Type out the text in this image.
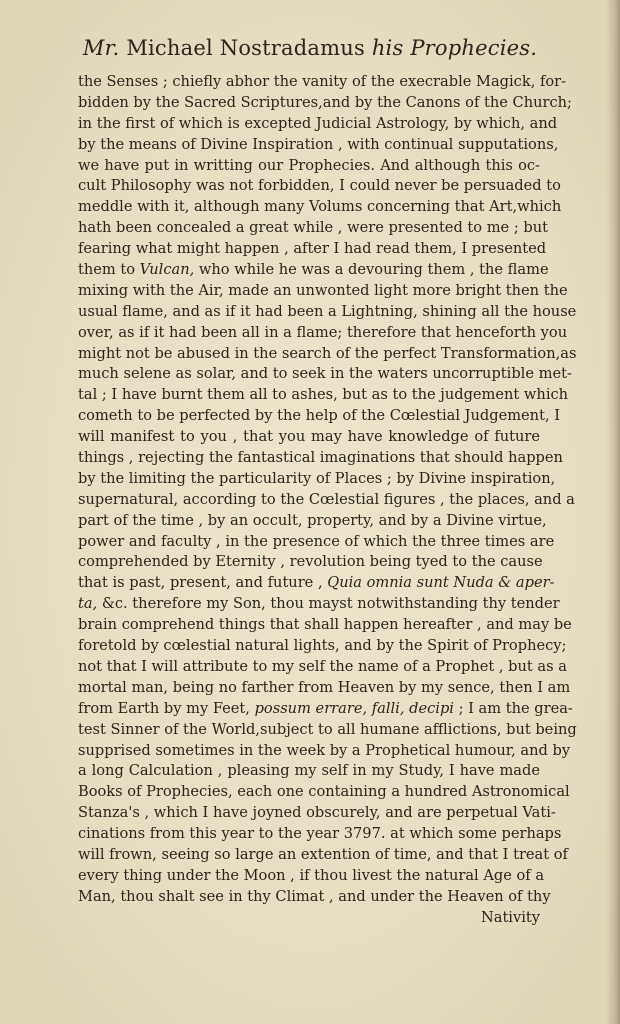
Mr. Michael Nostradamus his Prophecies.
the Senses ; chiefly abhor the vanity of the execrable Magick, for-
bidden by the Sacred Scriptures,and by the Canons of the Church;
in the first of which is excepted Judicial Astrology, by which, and
by the means of Divine Inspiration , with continual supputations,
we have put in writting our Prophecies. And although this oc-
cult Philosophy was not forbidden, I could never be persuaded to
meddle with it, although many Volums concerning that Art,which
hath been concealed a great while , were presented to me ; but
fearing what might happen , after I had read them, I presented
them to Vulcan, who while he was a devouring them , the flame
mixing with the Air, made an unwonted light more bright then the
usual flame, and as if it had been a Lightning, shining all the house
over, as if it had been all in a flame; therefore that henceforth you
might not be abused in the search of the perfect Transformation,as
much selene as solar, and to seek in the waters uncorruptible met-
tal ; I have burnt them all to ashes, but as to the judgement which
cometh to be perfected by the help of the Cœlestial Judgement, I
will manifest to you , that you may have knowledge of future
things , rejecting the fantastical imaginations that should happen
by the limiting the particularity of Places ; by Divine inspiration,
supernatural, according to the Cœlestial figures , the places, and a
part of the time , by an occult, property, and by a Divine virtue,
power and faculty , in the presence of which the three times are
comprehended by Eternity , revolution being tyed to the cause
that is past, present, and future , Quia omnia sunt Nuda & aper-
ta, &c. therefore my Son, thou mayst notwithstanding thy tender
brain comprehend things that shall happen hereafter , and may be
foretold by cœlestial natural lights, and by the Spirit of Prophecy;
not that I will attribute to my self the name of a Prophet , but as a
mortal man, being no farther from Heaven by my sence, then I am
from Earth by my Feet, possum errare, falli, decipi ; I am the grea-
test Sinner of the World,subject to all humane afflictions, but being
supprised sometimes in the week by a Prophetical humour, and by
a long Calculation , pleasing my self in my Study, I have made
Books of Prophecies, each one containing a hundred Astronomical
Stanza's , which I have joyned obscurely, and are perpetual Vati-
cinations from this year to the year 3797. at which some perhaps
will frown, seeing so large an extention of time, and that I treat of
every thing under the Moon , if thou livest the natural Age of a
Man, thou shalt see in thy Climat , and under the Heaven of thy
Nativity
